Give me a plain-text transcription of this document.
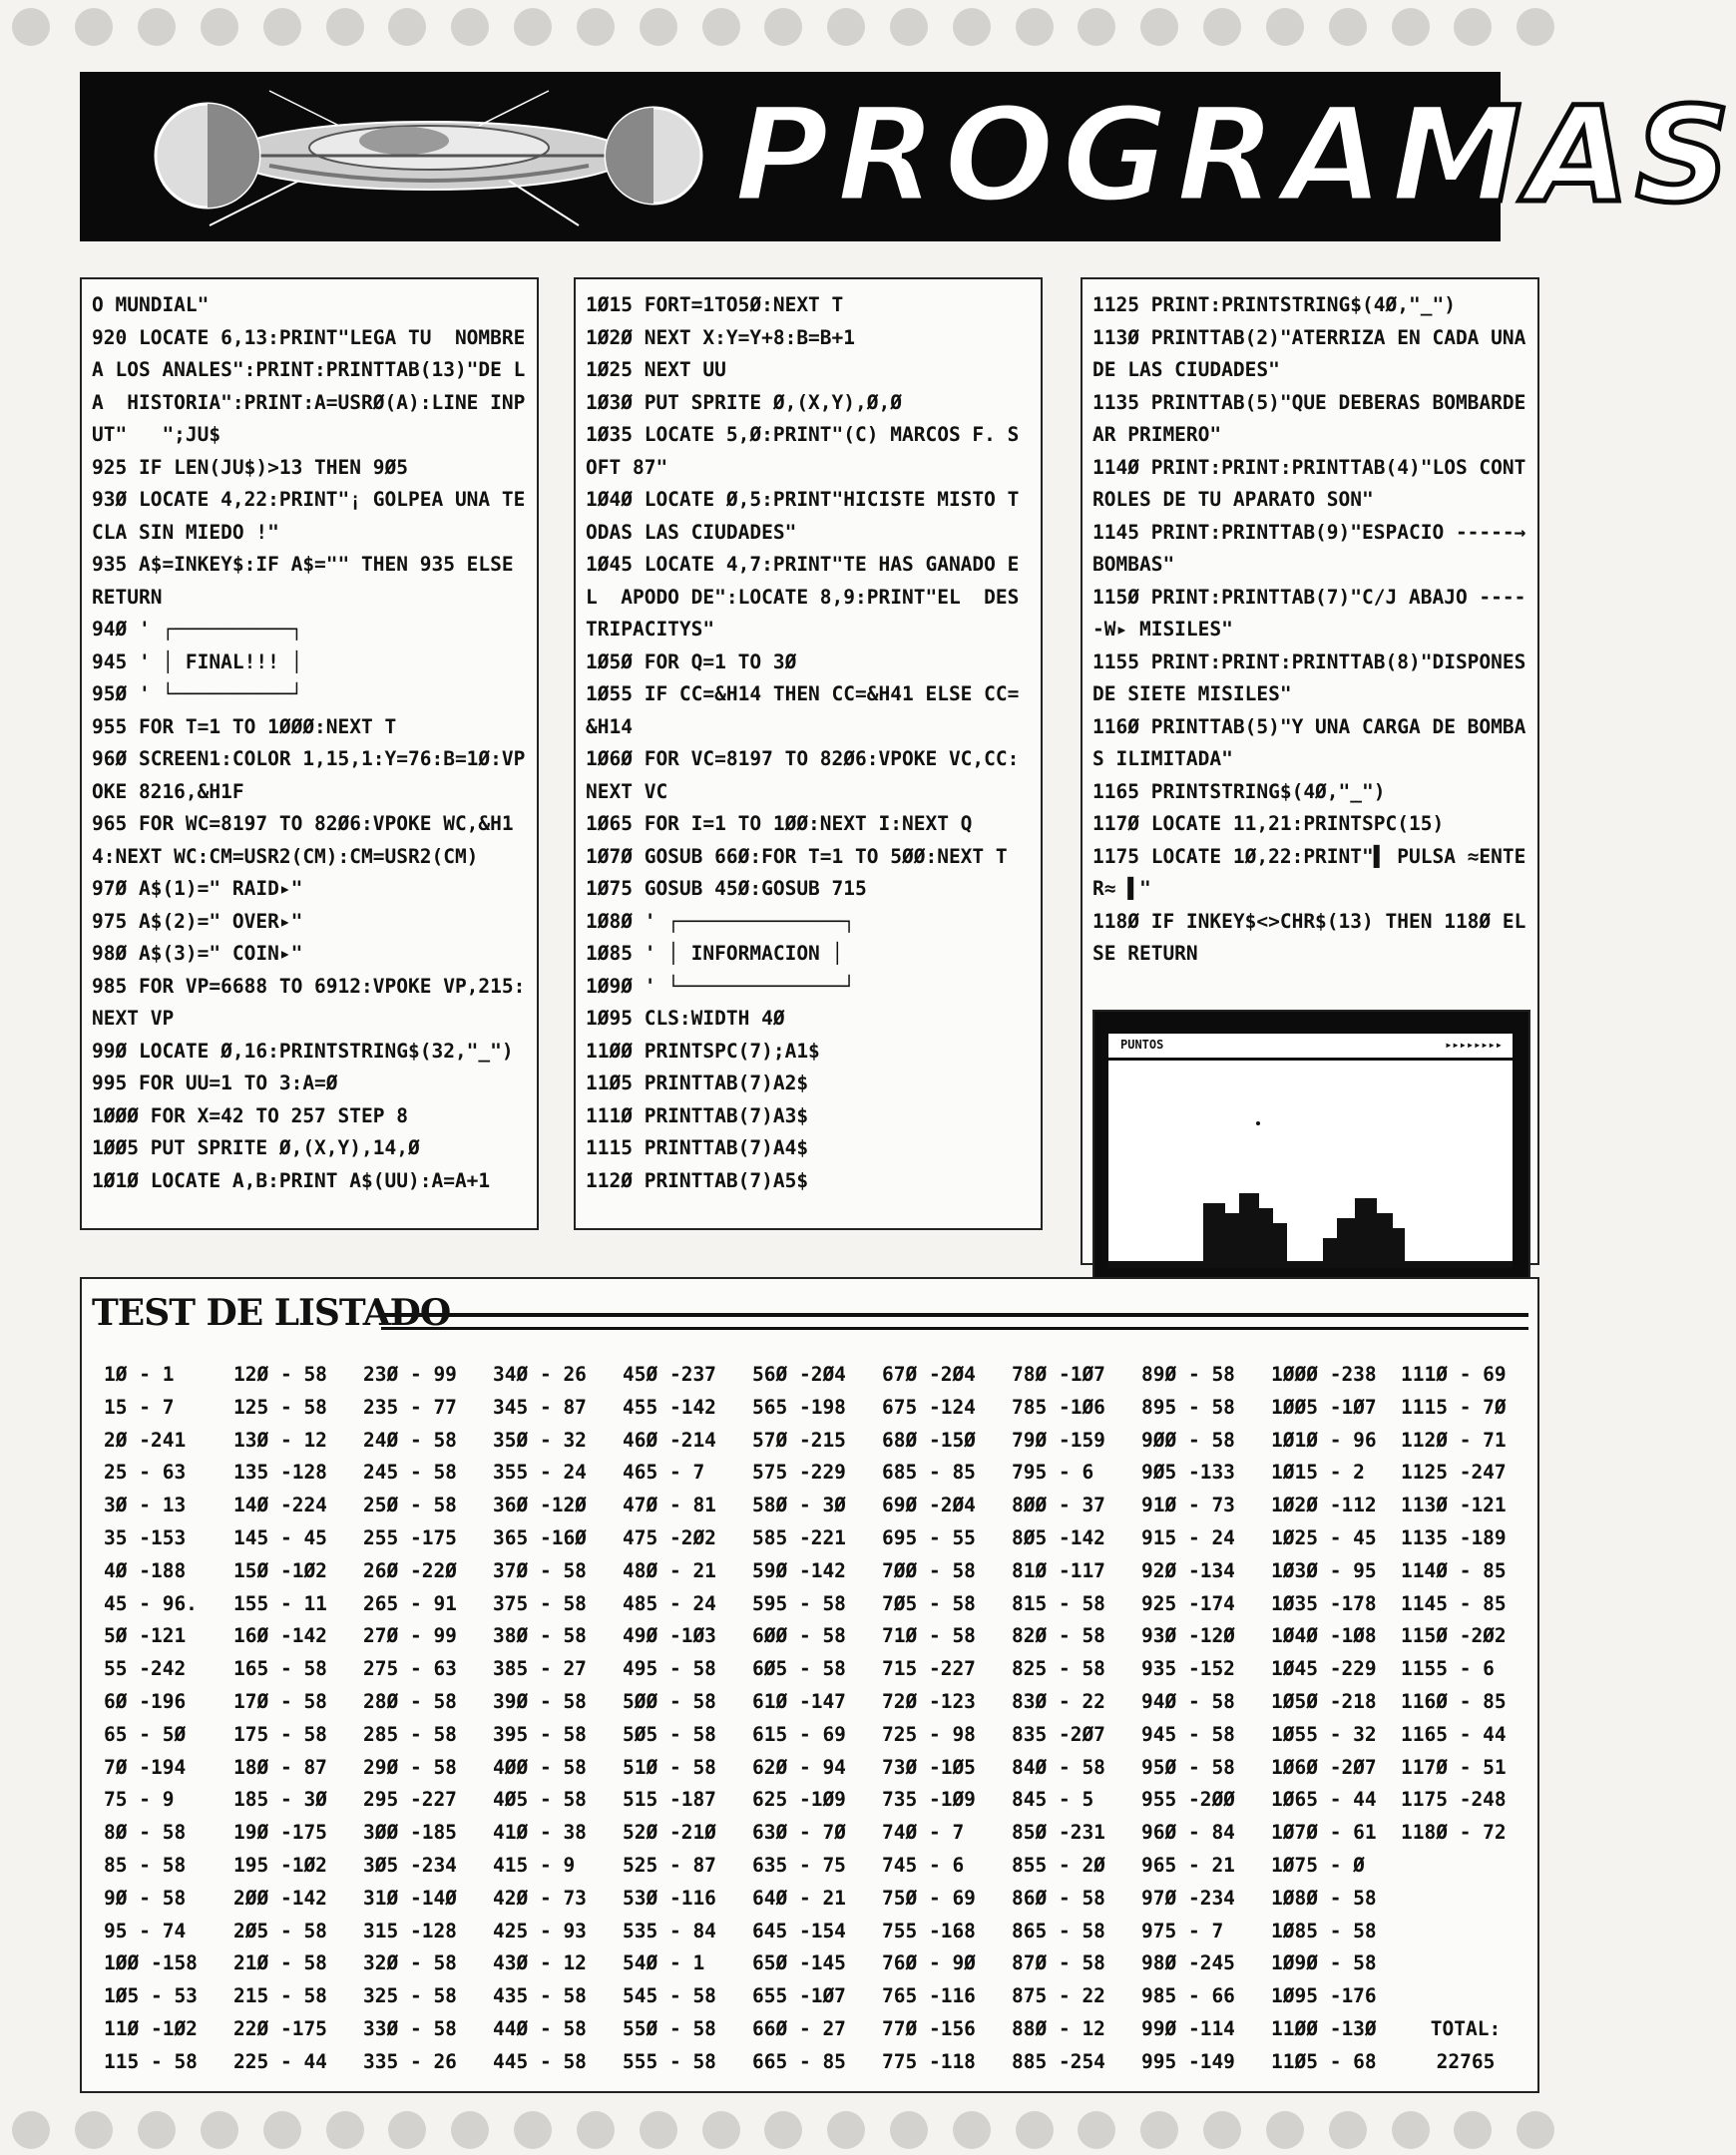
PROGRAMAS
O MUNDIAL"
920 LOCATE 6,13:PRINT"LEGA TU  NOMBRE A LOS ANALES":PRINT:PRINTTAB(13)"DE LA  HISTORIA":PRINT:A=USRØ(A):LINE INPUT"   ";JU$
925 IF LEN(JU$)>13 THEN 9Ø5
93Ø LOCATE 4,22:PRINT"¡ GOLPEA UNA TECLA SIN MIEDO !"
935 A$=INKEY$:IF A$="" THEN 935 ELSE RETURN
94Ø ' ┌──────────┐
945 ' │ FINAL!!! │
95Ø ' └──────────┘
955 FOR T=1 TO 1ØØØ:NEXT T
96Ø SCREEN1:COLOR 1,15,1:Y=76:B=1Ø:VPOKE 8216,&H1F
965 FOR WC=8197 TO 82Ø6:VPOKE WC,&H14:NEXT WC:CM=USR2(CM):CM=USR2(CM)
97Ø A$(1)=" RAID▸"
975 A$(2)=" OVER▸"
98Ø A$(3)=" COIN▸"
985 FOR VP=6688 TO 6912:VPOKE VP,215:NEXT VP
99Ø LOCATE Ø,16:PRINTSTRING$(32,"_")
995 FOR UU=1 TO 3:A=Ø
1ØØØ FOR X=42 TO 257 STEP 8
1ØØ5 PUT SPRITE Ø,(X,Y),14,Ø
1Ø1Ø LOCATE A,B:PRINT A$(UU):A=A+1
1Ø15 FORT=1TO5Ø:NEXT T
1Ø2Ø NEXT X:Y=Y+8:B=B+1
1Ø25 NEXT UU
1Ø3Ø PUT SPRITE Ø,(X,Y),Ø,Ø
1Ø35 LOCATE 5,Ø:PRINT"(C) MARCOS F. SOFT 87"
1Ø4Ø LOCATE Ø,5:PRINT"HICISTE MISTO TODAS LAS CIUDADES"
1Ø45 LOCATE 4,7:PRINT"TE HAS GANADO EL  APODO DE":LOCATE 8,9:PRINT"EL  DESTRIPACITYS"
1Ø5Ø FOR Q=1 TO 3Ø
1Ø55 IF CC=&H14 THEN CC=&H41 ELSE CC=&H14
1Ø6Ø FOR VC=8197 TO 82Ø6:VPOKE VC,CC:NEXT VC
1Ø65 FOR I=1 TO 1ØØ:NEXT I:NEXT Q
1Ø7Ø GOSUB 66Ø:FOR T=1 TO 5ØØ:NEXT T
1Ø75 GOSUB 45Ø:GOSUB 715
1Ø8Ø ' ┌──────────────┐
1Ø85 ' │ INFORMACION │
1Ø9Ø ' └──────────────┘
1Ø95 CLS:WIDTH 4Ø
11ØØ PRINTSPC(7);A1$
11Ø5 PRINTTAB(7)A2$
111Ø PRINTTAB(7)A3$
1115 PRINTTAB(7)A4$
112Ø PRINTTAB(7)A5$
1125 PRINT:PRINTSTRING$(4Ø,"_")
113Ø PRINTTAB(2)"ATERRIZA EN CADA UNA DE LAS CIUDADES"
1135 PRINTTAB(5)"QUE DEBERAS BOMBARDEAR PRIMERO"
114Ø PRINT:PRINT:PRINTTAB(4)"LOS CONTROLES DE TU APARATO SON"
1145 PRINT:PRINTTAB(9)"ESPACIO -----→ BOMBAS"
115Ø PRINT:PRINTTAB(7)"C/J ABAJO -----W▸ MISILES"
1155 PRINT:PRINT:PRINTTAB(8)"DISPONES DE SIETE MISILES"
116Ø PRINTTAB(5)"Y UNA CARGA DE BOMBAS ILIMITADA"
1165 PRINTSTRING$(4Ø,"_")
117Ø LOCATE 11,21:PRINTSPC(15)
1175 LOCATE 1Ø,22:PRINT"▌ PULSA ≈ENTER≈ ▌"
118Ø IF INKEY$<>CHR$(13) THEN 118Ø ELSE RETURN
PUNTOS	▸▸▸▸▸▸▸▸
TEST DE LISTADO
1Ø - 1
15 - 7
2Ø -241
25 - 63
3Ø - 13
35 -153
4Ø -188
45 - 96.
5Ø -121
55 -242
6Ø -196
65 - 5Ø
7Ø -194
75 - 9
8Ø - 58
85 - 58
9Ø - 58
95 - 74
1ØØ -158
1Ø5 - 53
11Ø -1Ø2
115 - 58
12Ø - 58
125 - 58
13Ø - 12
135 -128
14Ø -224
145 - 45
15Ø -1Ø2
155 - 11
16Ø -142
165 - 58
17Ø - 58
175 - 58
18Ø - 87
185 - 3Ø
19Ø -175
195 -1Ø2
2ØØ -142
2Ø5 - 58
21Ø - 58
215 - 58
22Ø -175
225 - 44
23Ø - 99
235 - 77
24Ø - 58
245 - 58
25Ø - 58
255 -175
26Ø -22Ø
265 - 91
27Ø - 99
275 - 63
28Ø - 58
285 - 58
29Ø - 58
295 -227
3ØØ -185
3Ø5 -234
31Ø -14Ø
315 -128
32Ø - 58
325 - 58
33Ø - 58
335 - 26
34Ø - 26
345 - 87
35Ø - 32
355 - 24
36Ø -12Ø
365 -16Ø
37Ø - 58
375 - 58
38Ø - 58
385 - 27
39Ø - 58
395 - 58
4ØØ - 58
4Ø5 - 58
41Ø - 38
415 - 9
42Ø - 73
425 - 93
43Ø - 12
435 - 58
44Ø - 58
445 - 58
45Ø -237
455 -142
46Ø -214
465 - 7
47Ø - 81
475 -2Ø2
48Ø - 21
485 - 24
49Ø -1Ø3
495 - 58
5ØØ - 58
5Ø5 - 58
51Ø - 58
515 -187
52Ø -21Ø
525 - 87
53Ø -116
535 - 84
54Ø - 1
545 - 58
55Ø - 58
555 - 58
56Ø -2Ø4
565 -198
57Ø -215
575 -229
58Ø - 3Ø
585 -221
59Ø -142
595 - 58
6ØØ - 58
6Ø5 - 58
61Ø -147
615 - 69
62Ø - 94
625 -1Ø9
63Ø - 7Ø
635 - 75
64Ø - 21
645 -154
65Ø -145
655 -1Ø7
66Ø - 27
665 - 85
67Ø -2Ø4
675 -124
68Ø -15Ø
685 - 85
69Ø -2Ø4
695 - 55
7ØØ - 58
7Ø5 - 58
71Ø - 58
715 -227
72Ø -123
725 - 98
73Ø -1Ø5
735 -1Ø9
74Ø - 7
745 - 6
75Ø - 69
755 -168
76Ø - 9Ø
765 -116
77Ø -156
775 -118
78Ø -1Ø7
785 -1Ø6
79Ø -159
795 - 6
8ØØ - 37
8Ø5 -142
81Ø -117
815 - 58
82Ø - 58
825 - 58
83Ø - 22
835 -2Ø7
84Ø - 58
845 - 5
85Ø -231
855 - 2Ø
86Ø - 58
865 - 58
87Ø - 58
875 - 22
88Ø - 12
885 -254
89Ø - 58
895 - 58
9ØØ - 58
9Ø5 -133
91Ø - 73
915 - 24
92Ø -134
925 -174
93Ø -12Ø
935 -152
94Ø - 58
945 - 58
95Ø - 58
955 -2ØØ
96Ø - 84
965 - 21
97Ø -234
975 - 7
98Ø -245
985 - 66
99Ø -114
995 -149
1ØØØ -238
1ØØ5 -1Ø7
1Ø1Ø - 96
1Ø15 - 2
1Ø2Ø -112
1Ø25 - 45
1Ø3Ø - 95
1Ø35 -178
1Ø4Ø -1Ø8
1Ø45 -229
1Ø5Ø -218
1Ø55 - 32
1Ø6Ø -2Ø7
1Ø65 - 44
1Ø7Ø - 61
1Ø75 - Ø
1Ø8Ø - 58
1Ø85 - 58
1Ø9Ø - 58
1Ø95 -176
11ØØ -13Ø
11Ø5 - 68
111Ø - 69
1115 - 7Ø
112Ø - 71
1125 -247
113Ø -121
1135 -189
114Ø - 85
1145 - 85
115Ø -2Ø2
1155 - 6
116Ø - 85
1165 - 44
117Ø - 51
1175 -248
118Ø - 72
TOTAL:
22765
